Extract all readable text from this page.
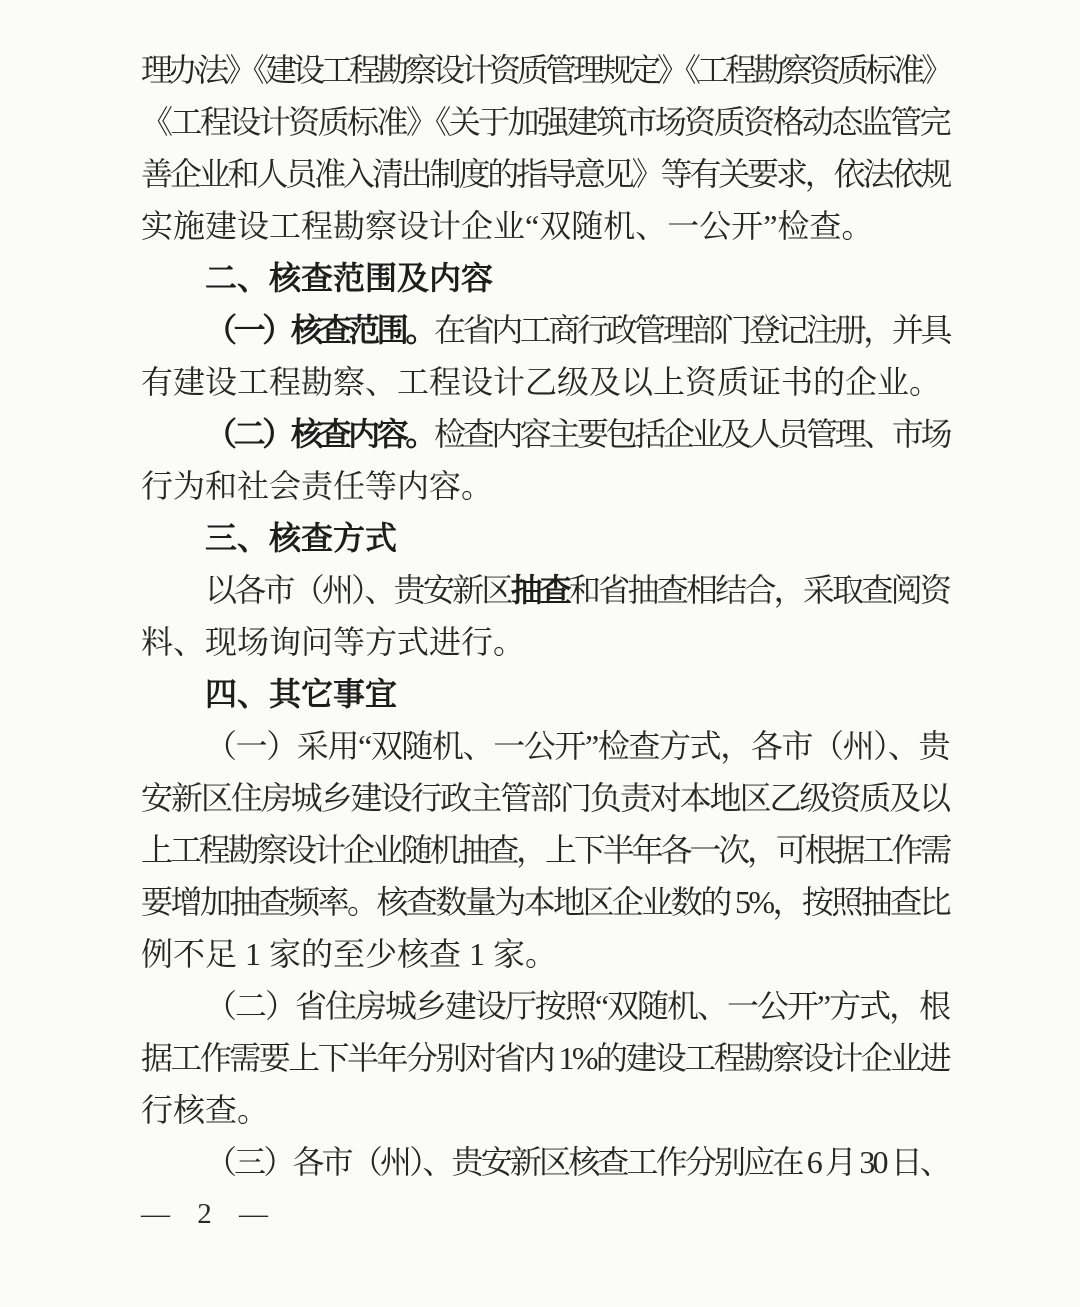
理办法》《建设工程勘察设计资质管理规定》《工程勘察资质标准》
《工程设计资质标准》《关于加强建筑市场资质资格动态监管完
善企业和人员准入清出制度的指导意见》等有关要求，依法依规
实施建设工程勘察设计企业“双随机、一公开”检查。
二、核查范围及内容
（一）核查范围。在省内工商行政管理部门登记注册，并具
有建设工程勘察、工程设计乙级及以上资质证书的企业。
（二）核查内容。检查内容主要包括企业及人员管理、市场
行为和社会责任等内容。
三、核查方式
以各市（州）、贵安新区抽查和省抽查相结合，采取查阅资
料、现场询问等方式进行。
四、其它事宜
（一）采用“双随机、一公开”检查方式，各市（州）、贵
安新区住房城乡建设行政主管部门负责对本地区乙级资质及以
上工程勘察设计企业随机抽查，上下半年各一次，可根据工作需
要增加抽查频率。核查数量为本地区企业数的 5%，按照抽查比
例不足 1 家的至少核查 1 家。
（二）省住房城乡建设厅按照“双随机、一公开”方式，根
据工作需要上下半年分别对省内 1%的建设工程勘察设计企业进
行核查。
（三）各市（州）、贵安新区核查工作分别应在 6 月 30 日、
— 2 —
